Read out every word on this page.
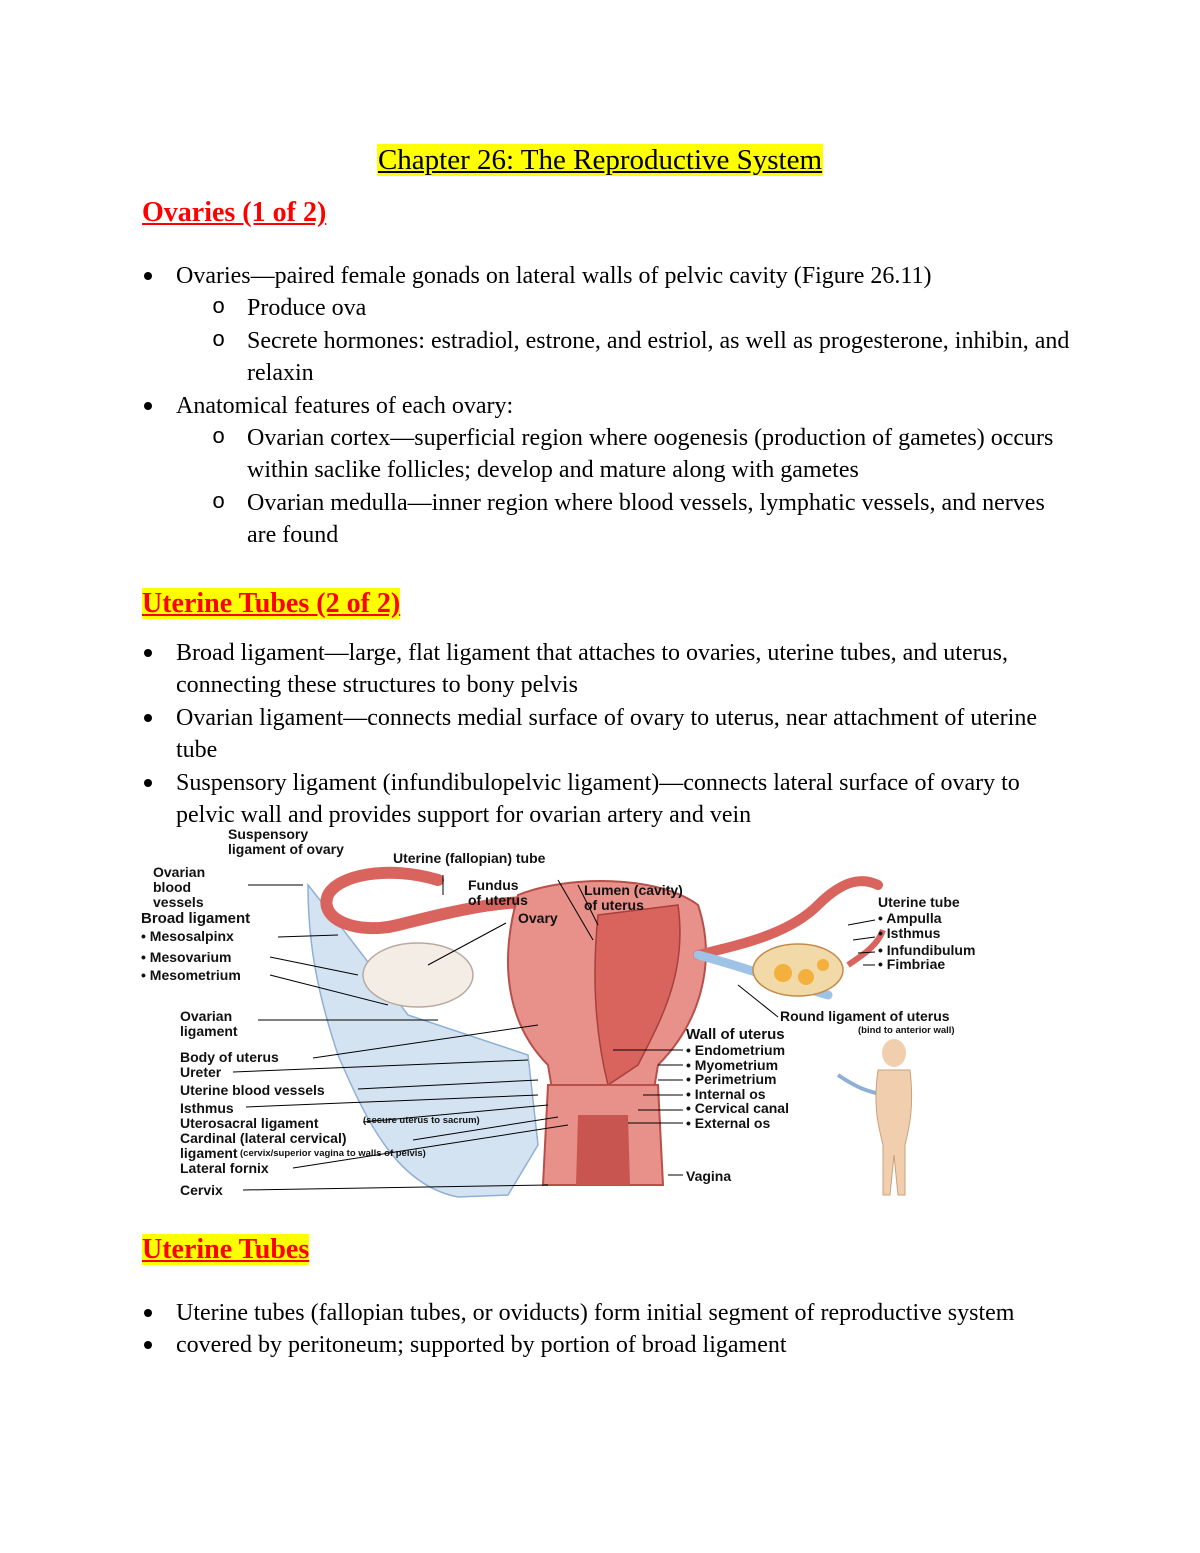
Chapter 26: The Reproductive System
Ovaries (1 of 2)
Ovaries—paired female gonads on lateral walls of pelvic cavity (Figure 26.11)
o Produce ova
o Secrete hormones: estradiol, estrone, and estriol, as well as progesterone, inhibin, and relaxin
Anatomical features of each ovary:
o Ovarian cortex—superficial region where oogenesis (production of gametes) occurs within saclike follicles; develop and mature along with gametes
o Ovarian medulla—inner region where blood vessels, lymphatic vessels, and nerves are found
Uterine Tubes (2 of 2)
Broad ligament—large, flat ligament that attaches to ovaries, uterine tubes, and uterus, connecting these structures to bony pelvis
Ovarian ligament—connects medial surface of ovary to uterus, near attachment of uterine tube
Suspensory ligament (infundibulopelvic ligament)—connects lateral surface of ovary to pelvic wall and provides support for ovarian artery and vein
Suspensory
ligament of ovary
Ovarian
blood
vessels
Broad ligament
• Mesosalpinx
• Mesovarium
• Mesometrium
Uterine (fallopian) tube
Fundus
of uterus
Ovary
Lumen (cavity)
of uterus	Uterine tube
• Ampulla
• Isthmus
• Infundibulum
• Fimbriae
Ovarian
ligament
Round ligament of uterus
(bind to anterior wall)
Wall of uterus
• Endometrium
• Myometrium
• Perimetrium
• Internal os
• Cervical canal
• External os
Body of uterus
Ureter
Uterine blood vessels
Isthmus
Uterosacral ligament	(secure uterus to sacrum)
Cardinal (lateral cervical)
ligament (cervix/superior vagina to walls of pelvis)
Lateral fornix
Cervix
Vagina
Uterine Tubes
Uterine tubes (fallopian tubes, or oviducts) form initial segment of reproductive system
covered by peritoneum; supported by portion of broad ligament
